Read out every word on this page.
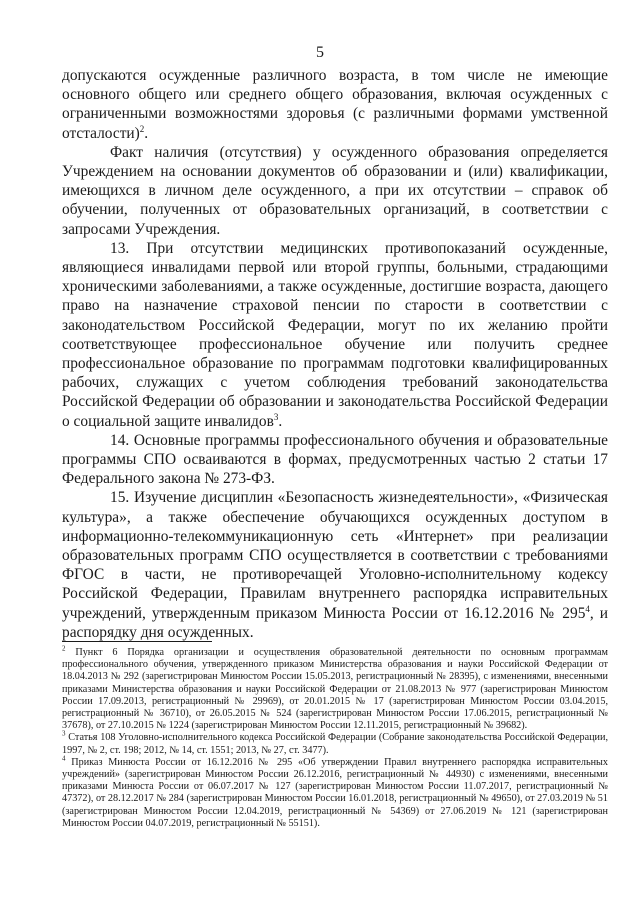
5

допускаются осужденные различного возраста, в том числе не имеющие основного общего или среднего общего образования, включая осужденных с ограниченными возможностями здоровья (с различными формами умственной отсталости)$^2$.

Факт наличия (отсутствия) у осужденного образования определяется Учреждением на основании документов об образовании и (или) квалификации, имеющихся в личном деле осужденного, а при их отсутствии – справок об обучении, полученных от образовательных организаций, в соответствии с запросами Учреждения.

13. При отсутствии медицинских противопоказаний осужденные, являющиеся инвалидами первой или второй группы, больными, страдающими хроническими заболеваниями, а также осужденные, достигшие возраста, дающего право на назначение страховой пенсии по старости в соответствии с законодательством Российской Федерации, могут по их желанию пройти соответствующее профессиональное обучение или получить среднее профессиональное образование по программам подготовки квалифицированных рабочих, служащих с учетом соблюдения требований законодательства Российской Федерации об образовании и законодательства Российской Федерации о социальной защите инвалидов$^3$.

14. Основные программы профессионального обучения и образовательные программы СПО осваиваются в формах, предусмотренных частью 2 статьи 17 Федерального закона № 273-ФЗ.

15. Изучение дисциплин «Безопасность жизнедеятельности», «Физическая культура», а также обеспечение обучающихся осужденных доступом в информационно-телекоммуникационную сеть «Интернет» при реализации образовательных программ СПО осуществляется в соответствии с требованиями ФГОС в части, не противоречащей Уголовно-исполнительному кодексу Российской Федерации, Правилам внутреннего распорядка исправительных учреждений, утвержденным приказом Минюста России от 16.12.2016 № $295^4$, и распорядку дня осужденных.

$^2$ Пункт 6 Порядка организации и осуществления образовательной деятельности по основным программам профессионального обучения, утвержденного приказом Министерства образования и науки Российской Федерации от 18.04.2013 № 292 (зарегистрирован Минюстом России 15.05.2013, регистрационный № 28395), с изменениями, внесенными приказами Министерства образования и науки Российской Федерации от 21.08.2013 № 977 (зарегистрирован Минюстом России 17.09.2013, регистрационный № 29969), от 20.01.2015 № 17 (зарегистрирован Минюстом России 03.04.2015, регистрационный № 36710), от 26.05.2015 № 524 (зарегистрирован Минюстом России 17.06.2015, регистрационный № 37678), от 27.10.2015 № 1224 (зарегистрирован Минюстом России 12.11.2015, регистрационный № 39682).

$^3$ Статья 108 Уголовно-исполнительного кодекса Российской Федерации (Собрание законодательства Российской Федерации, 1997, № 2, ст. 198; 2012, № 14, ст. 1551; 2013, № 27, ст. 3477).

$^4$ Приказ Минюста России от 16.12.2016 № 295 «Об утверждении Правил внутреннего распорядка исправительных учреждений» (зарегистрирован Минюстом России 26.12.2016, регистрационный № 44930) с изменениями, внесенными приказами Минюста России от 06.07.2017 № 127 (зарегистрирован Минюстом России 11.07.2017, регистрационный № 47372), от 28.12.2017 № 284 (зарегистрирован Минюстом России 16.01.2018, регистрационный № 49650), от 27.03.2019 № 51 (зарегистрирован Минюстом России 12.04.2019, регистрационный № 54369) от 27.06.2019 № 121 (зарегистрирован Минюстом России 04.07.2019, регистрационный № 55151).
